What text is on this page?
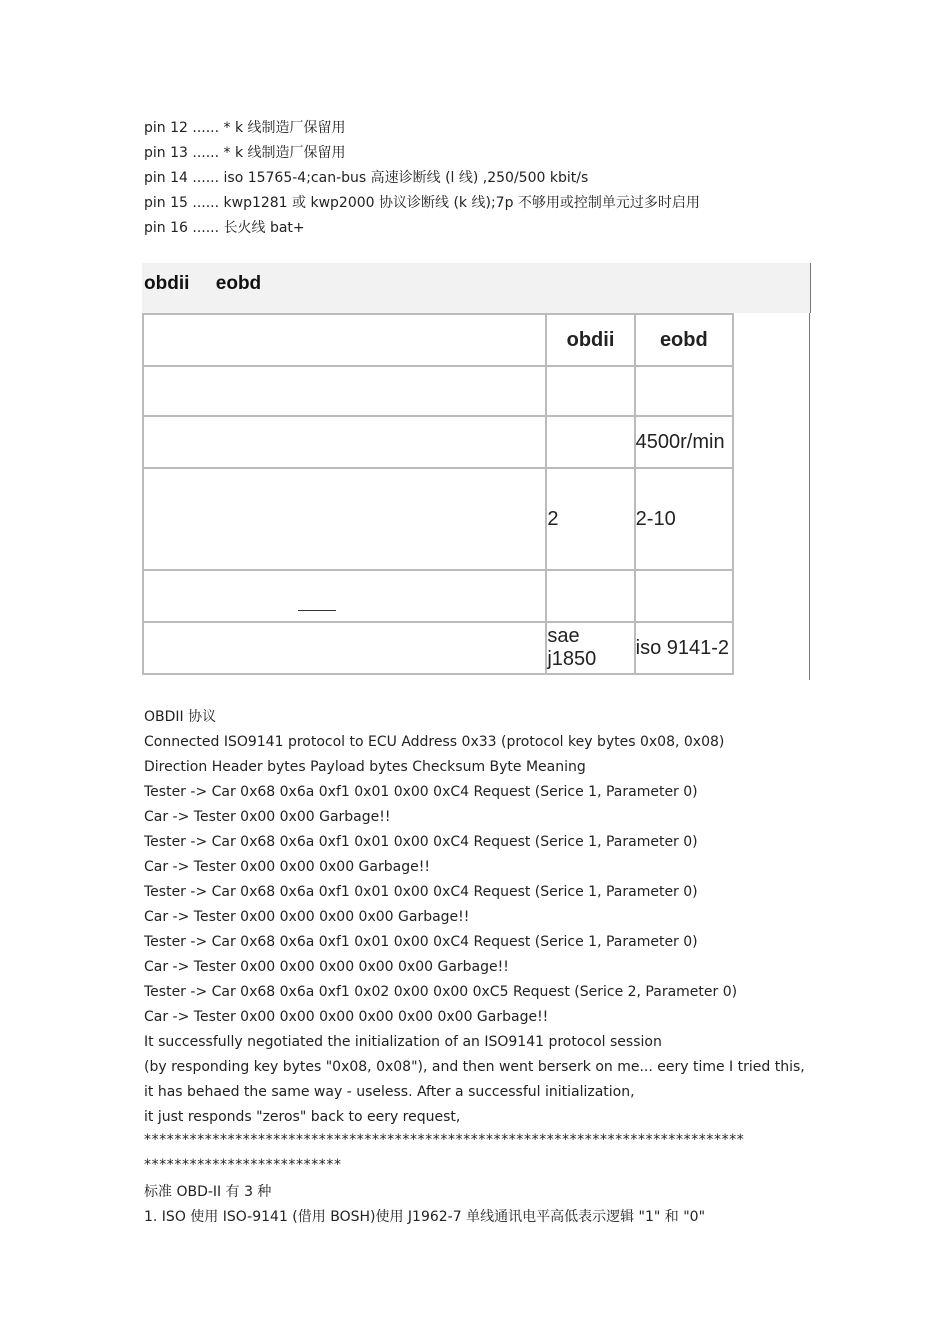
pin 12 ...... * k 线制造厂保留用
pin 13 ...... * k 线制造厂保留用
pin 14 ...... iso 15765-4;can-bus 高速诊断线 (l 线) ,250/500 kbit/s
pin 15 ...... kwp1281 或 kwp2000 协议诊断线 (k 线);7p 不够用或控制单元过多时启用
pin 16 ...... 长火线 bat+
obdii     eobd
	obdii	eobd

		4500r/min
	2	2-10

	sae j1850	iso 9141-2
OBDII 协议
Connected ISO9141 protocol to ECU Address 0x33 (protocol key bytes 0x08, 0x08)
Direction Header bytes Payload bytes Checksum Byte Meaning
Tester -> Car 0x68 0x6a 0xf1 0x01 0x00 0xC4 Request (Serice 1, Parameter 0)
Car -> Tester 0x00 0x00 Garbage!!
Tester -> Car 0x68 0x6a 0xf1 0x01 0x00 0xC4 Request (Serice 1, Parameter 0)
Car -> Tester 0x00 0x00 0x00 Garbage!!
Tester -> Car 0x68 0x6a 0xf1 0x01 0x00 0xC4 Request (Serice 1, Parameter 0)
Car -> Tester 0x00 0x00 0x00 0x00 Garbage!!
Tester -> Car 0x68 0x6a 0xf1 0x01 0x00 0xC4 Request (Serice 1, Parameter 0)
Car -> Tester 0x00 0x00 0x00 0x00 0x00 Garbage!!
Tester -> Car 0x68 0x6a 0xf1 0x02 0x00 0x00 0xC5 Request (Serice 2, Parameter 0)
Car -> Tester 0x00 0x00 0x00 0x00 0x00 0x00 Garbage!!
It successfully negotiated the initialization of an ISO9141 protocol session
(by responding key bytes "0x08, 0x08"), and then went berserk on me... eery time I tried this,
it has behaed the same way - useless. After a successful initialization,
it just responds "zeros" back to eery request,
*******************************************************************************
**************************
标准 OBD-II 有 3 种
1. ISO 使用 ISO-9141 (借用 BOSH)使用 J1962-7 单线通讯电平高低表示逻辑 "1" 和 "0"
